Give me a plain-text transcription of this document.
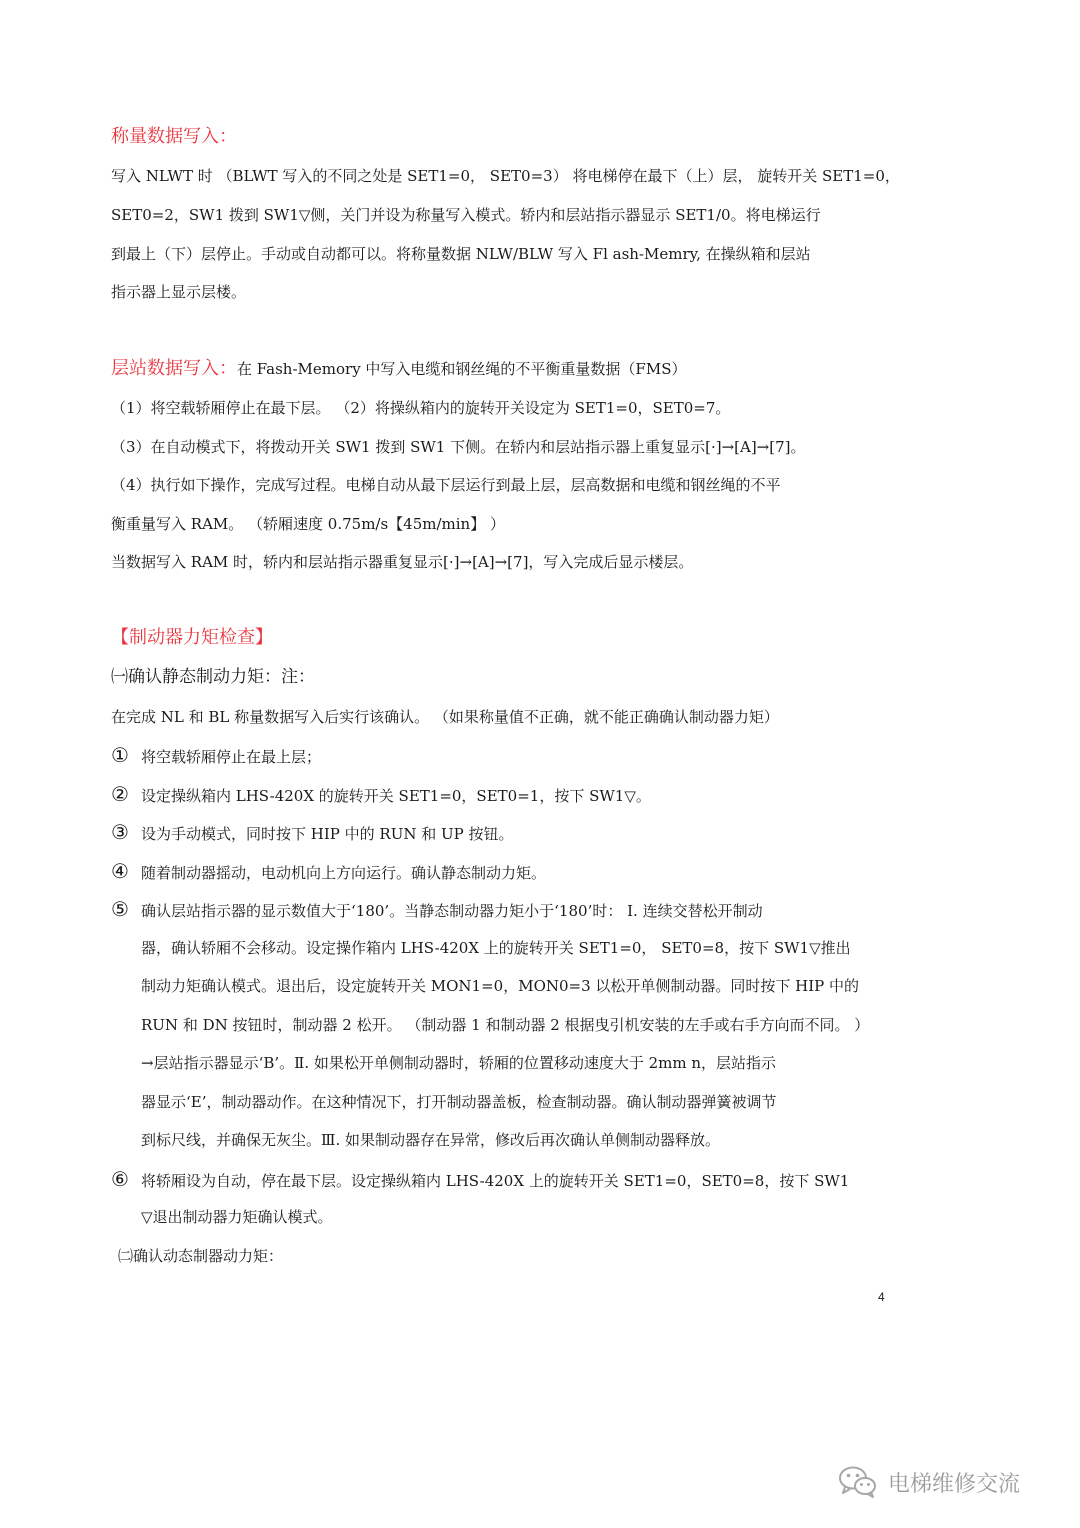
称量数据写入：
写入 NLWT 时 （BLWT 写入的不同之处是 SET1=0， SET0=3） 将电梯停在最下（上）层， 旋转开关 SET1=0，
SET0=2，SW1 拨到 SW1▽侧，关门并设为称量写入模式。轿内和层站指示器显示 SET1/0。将电梯运行
到最上（下）层停止。手动或自动都可以。将称量数据 NLW/BLW 写入 Fl ash-Memry, 在操纵箱和层站
指示器上显示层楼。
层站数据写入：在 Fash-Memory 中写入电缆和钢丝绳的不平衡重量数据（FMS）
（1）将空载轿厢停止在最下层。 （2）将操纵箱内的旋转开关设定为 SET1=0，SET0=7。
（3）在自动模式下，将拨动开关 SW1 拨到 SW1 下侧。在轿内和层站指示器上重复显示[·]→[A]→[7]。
（4）执行如下操作，完成写过程。电梯自动从最下层运行到最上层，层高数据和电缆和钢丝绳的不平
衡重量写入 RAM。 （轿厢速度 0.75m/s【45m/min】 ）
当数据写入 RAM 时，轿内和层站指示器重复显示[·]→[A]→[7]，写入完成后显示楼层。
【制动器力矩检查】
㈠确认静态制动力矩：注：
在完成 NL 和 BL 称量数据写入后实行该确认。 （如果称量值不正确，就不能正确确认制动器力矩）
① 将空载轿厢停止在最上层；
② 设定操纵箱内 LHS-420X 的旋转开关 SET1=0，SET0=1，按下 SW1▽。
③ 设为手动模式，同时按下 HIP 中的 RUN 和 UP 按钮。
④ 随着制动器摇动，电动机向上方向运行。确认静态制动力矩。
⑤ 确认层站指示器的显示数值大于‘180’。当静态制动器力矩小于‘180’时： Ⅰ. 连续交替松开制动
器，确认轿厢不会移动。设定操作箱内 LHS-420X 上的旋转开关 SET1=0， SET0=8，按下 SW1▽推出
制动力矩确认模式。退出后，设定旋转开关 MON1=0，MON0=3 以松开单侧制动器。同时按下 HIP 中的
RUN 和 DN 按钮时，制动器 2 松开。 （制动器 1 和制动器 2 根据曳引机安装的左手或右手方向而不同。 ）
→层站指示器显示‘B’。Ⅱ. 如果松开单侧制动器时，轿厢的位置移动速度大于 2mm n，层站指示
器显示‘E’，制动器动作。在这种情况下，打开制动器盖板，检查制动器。确认制动器弹簧被调节
到标尺线，并确保无灰尘。Ⅲ. 如果制动器存在异常，修改后再次确认单侧制动器释放。
⑥ 将轿厢设为自动，停在最下层。设定操纵箱内 LHS-420X 上的旋转开关 SET1=0，SET0=8，按下 SW1
▽退出制动器力矩确认模式。
㈡确认动态制器动力矩：
4
电梯维修交流
